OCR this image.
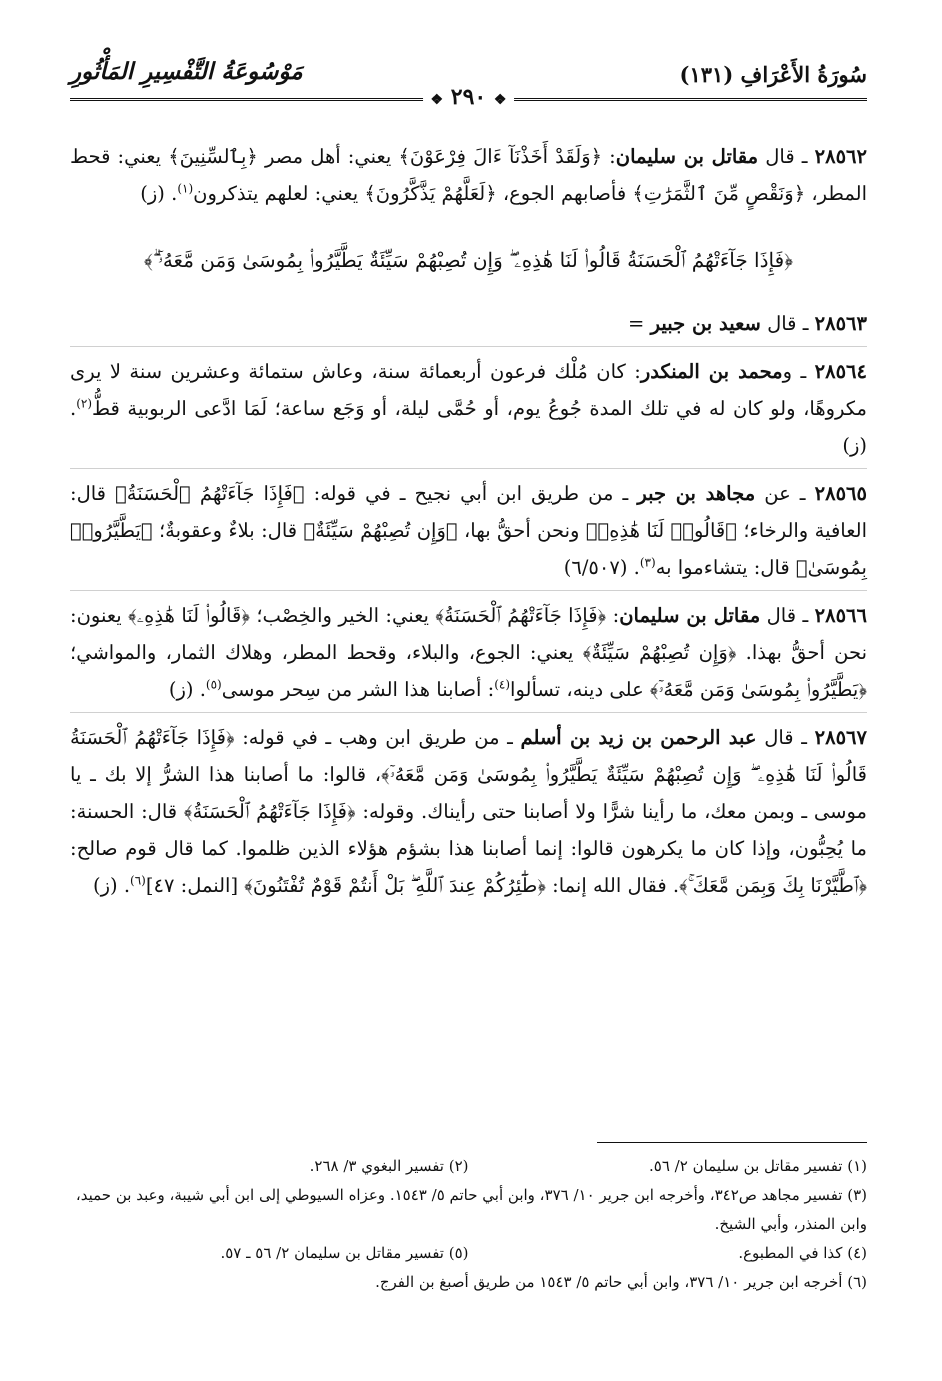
سُورَةُ الأَعْرَافِ (١٣١)
مَوْسُوعَةُ التَّفْسِيرِ المَأْثُورِ
❖ ٢٩٠ ❖

٢٨٥٦٢ ـ قال مقاتل بن سليمان: ﴿وَلَقَدْ أَخَذْنَآ ءَالَ فِرْعَوْنَ﴾ يعني: أهل مصر ﴿بِٱلسِّنِينَ﴾ يعني: قحط المطر، ﴿وَنَقْصٍ مِّنَ ٱلثَّمَرَٰتِ﴾ فأصابهم الجوع، ﴿لَعَلَّهُمْ يَذَّكَّرُونَ﴾ يعني: لعلهم يتذكرون$^{(١)}$. (ز)

﴿فَإِذَا جَآءَتْهُمُ ٱلْحَسَنَةُ قَالُوا۟ لَنَا هَٰذِهِۦ ۖ وَإِن تُصِبْهُمْ سَيِّئَةٌ يَطَّيَّرُوا۟ بِمُوسَىٰ وَمَن مَّعَهُۥٓ ۗ﴾

٢٨٥٦٣ ـ قال سعيد بن جبير =

٢٨٥٦٤ ـ ومحمد بن المنكدر: كان مُلْك فرعون أربعمائة سنة، وعاش ستمائة وعشرين سنة لا يرى مكروهًا، ولو كان له في تلك المدة جُوعُ يوم، أو حُمَّى ليلة، أو وَجَع ساعة؛ لَمَا ادَّعى الربوبية قطُّ$^{(٢)}$. (ز)

٢٨٥٦٥ ـ عن مجاهد بن جبر ـ من طريق ابن أبي نجيح ـ في قوله: ﴿فَإِذَا جَآءَتْهُمُ ٱلْحَسَنَةُ﴾ قال: العافية والرخاء؛ ﴿قَالُوا۟ لَنَا هَٰذِهِۦ﴾ ونحن أحقُّ بها، ﴿وَإِن تُصِبْهُمْ سَيِّئَةٌ﴾ قال: بلاءٌ وعقوبةٌ؛ ﴿يَطَّيَّرُوا۟ بِمُوسَىٰ﴾ قال: يتشاءموا به$^{(٣)}$. (٦/٥٠٧)

٢٨٥٦٦ ـ قال مقاتل بن سليمان: ﴿فَإِذَا جَآءَتْهُمُ ٱلْحَسَنَةُ﴾ يعني: الخير والخِصْب؛ ﴿قَالُوا۟ لَنَا هَٰذِهِۦ﴾ يعنون: نحن أحقُّ بهذا. ﴿وَإِن تُصِبْهُمْ سَيِّئَةٌ﴾ يعني: الجوع، والبلاء، وقحط المطر، وهلاك الثمار، والمواشي؛ ﴿يَطَّيَّرُوا۟ بِمُوسَىٰ وَمَن مَّعَهُۥٓ﴾ على دينه، تسألوا$^{(٤)}$: أصابنا هذا الشر من سِحر موسى$^{(٥)}$. (ز)

٢٨٥٦٧ ـ قال عبد الرحمن بن زيد بن أسلم ـ من طريق ابن وهب ـ في قوله: ﴿فَإِذَا جَآءَتْهُمُ ٱلْحَسَنَةُ قَالُوا۟ لَنَا هَٰذِهِۦ ۖ وَإِن تُصِبْهُمْ سَيِّئَةٌ يَطَّيَّرُوا۟ بِمُوسَىٰ وَمَن مَّعَهُۥٓ﴾، قالوا: ما أصابنا هذا الشرُّ إلا بك ـ يا موسى ـ وبمن معك، ما رأينا شرًّا ولا أصابنا حتى رأيناك. وقوله: ﴿فَإِذَا جَآءَتْهُمُ ٱلْحَسَنَةُ﴾ قال: الحسنة: ما يُحِبُّون، وإذا كان ما يكرهون قالوا: إنما أصابنا هذا بشؤم هؤلاء الذين ظلموا. كما قال قوم صالح: ﴿ٱطَّيَّرْنَا بِكَ وَبِمَن مَّعَكَ ۚ﴾. فقال الله إنما: ﴿طَٰٓئِرُكُمْ عِندَ ٱللَّهِ ۖ بَلْ أَنتُمْ قَوْمٌ تُفْتَنُونَ﴾ [النمل: ٤٧]$^{(٦)}$. (ز)

(١) تفسير مقاتل بن سليمان ٢/ ٥٦.
(٢) تفسير البغوي ٣/ ٢٦٨.
(٣) تفسير مجاهد ص٣٤٢، وأخرجه ابن جرير ١٠/ ٣٧٦، وابن أبي حاتم ٥/ ١٥٤٣. وعزاه السيوطي إلى ابن أبي شيبة، وعبد بن حميد، وابن المنذر، وأبي الشيخ.
(٤) كذا في المطبوع.
(٥) تفسير مقاتل بن سليمان ٢/ ٥٦ ـ ٥٧.
(٦) أخرجه ابن جرير ١٠/ ٣٧٦، وابن أبي حاتم ٥/ ١٥٤٣ من طريق أصبغ بن الفرج.
